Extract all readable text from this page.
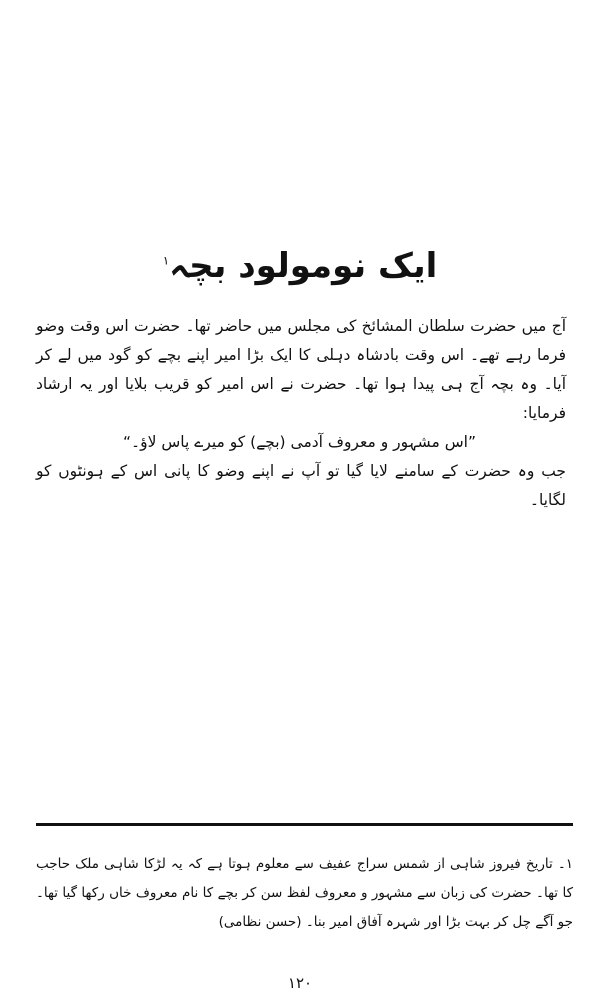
ایک نومولود بچہ$^۱$

آج میں حضرت سلطان المشائخ کی مجلس میں حاضر تھا۔ حضرت اس وقت وضو فرما رہے تھے۔ اس وقت بادشاہ دہلی کا ایک بڑا امیر اپنے بچے کو گود میں لے کر آیا۔ وہ بچہ آج ہی پیدا ہوا تھا۔ حضرت نے اس امیر کو قریب بلایا اور یہ ارشاد فرمایا:

”اس مشہور و معروف آدمی (بچے) کو میرے پاس لاؤ۔“

جب وہ حضرت کے سامنے لایا گیا تو آپ نے اپنے وضو کا پانی اس کے ہونٹوں کو لگایا۔

۱۔ تاریخ فیروز شاہی از شمس سراج عفیف سے معلوم ہوتا ہے کہ یہ لڑکا شاہی ملک حاجب کا تھا۔ حضرت کی زبان سے مشہور و معروف لفظ سن کر بچے کا نام معروف خاں رکھا گیا تھا۔ جو آگے چل کر بہت بڑا اور شہرہ آفاق امیر بنا۔ (حسن نظامی)
۱۲۰
